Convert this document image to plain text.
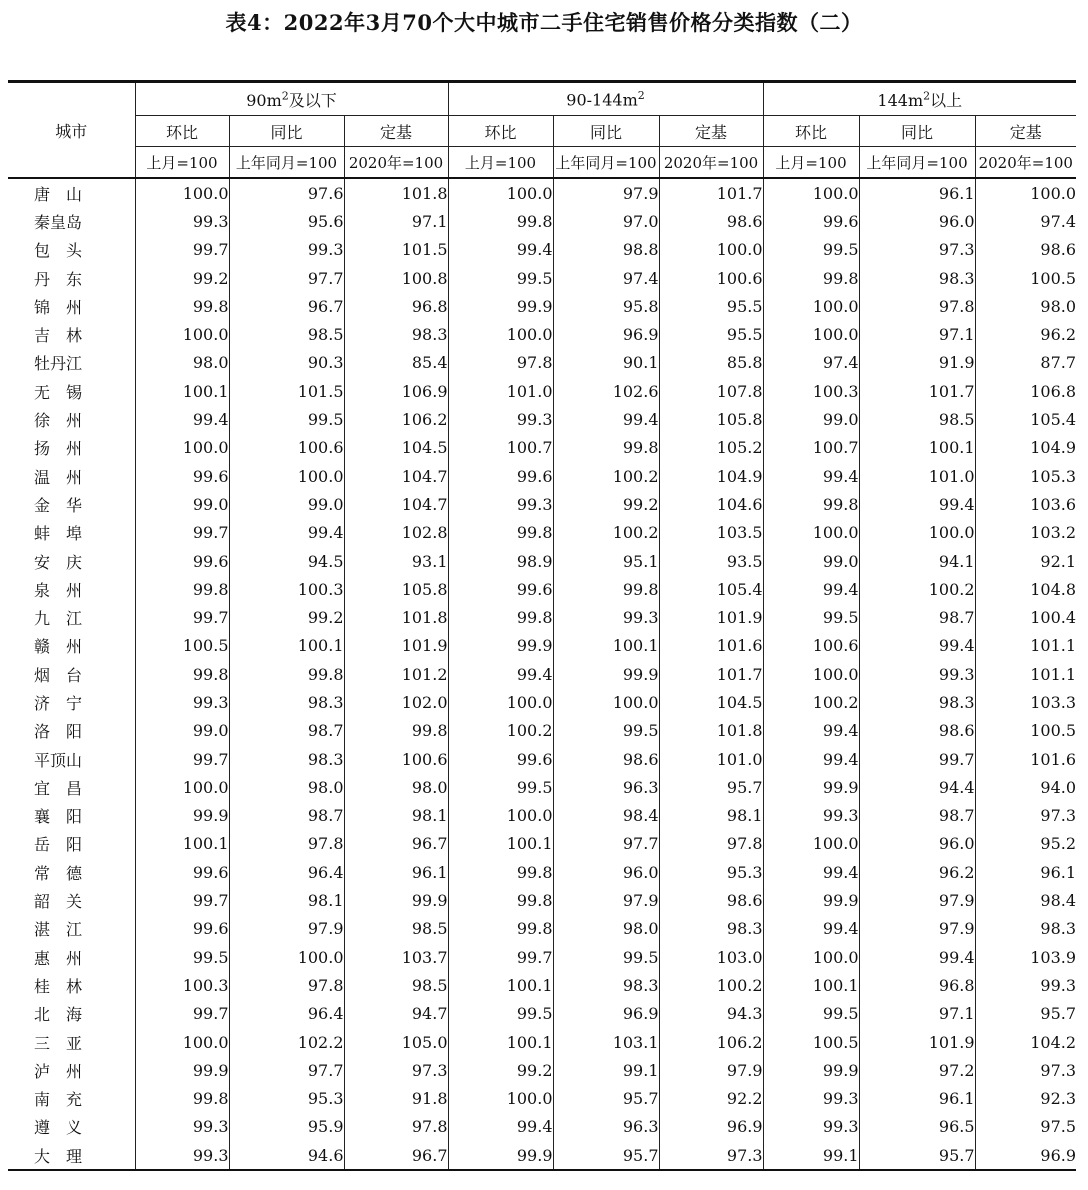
表4：2022年3月70个大中城市二手住宅销售价格分类指数（二）
城市	$90m^2$及以下			$90-144m^2$			$144m^2$以上		
	环比	同比	定基	环比	同比	定基	环比	同比	定基
	上月=100	上年同月=100	2020年=100	上月=100	上年同月=100	2020年=100	上月=100	上年同月=100	2020年=100
唐　山	100.0	97.6	101.8	100.0	97.9	101.7	100.0	96.1	100.0
秦皇岛	99.3	95.6	97.1	99.8	97.0	98.6	99.6	96.0	97.4
包　头	99.7	99.3	101.5	99.4	98.8	100.0	99.5	97.3	98.6
丹　东	99.2	97.7	100.8	99.5	97.4	100.6	99.8	98.3	100.5
锦　州	99.8	96.7	96.8	99.9	95.8	95.5	100.0	97.8	98.0
吉　林	100.0	98.5	98.3	100.0	96.9	95.5	100.0	97.1	96.2
牡丹江	98.0	90.3	85.4	97.8	90.1	85.8	97.4	91.9	87.7
无　锡	100.1	101.5	106.9	101.0	102.6	107.8	100.3	101.7	106.8
徐　州	99.4	99.5	106.2	99.3	99.4	105.8	99.0	98.5	105.4
扬　州	100.0	100.6	104.5	100.7	99.8	105.2	100.7	100.1	104.9
温　州	99.6	100.0	104.7	99.6	100.2	104.9	99.4	101.0	105.3
金　华	99.0	99.0	104.7	99.3	99.2	104.6	99.8	99.4	103.6
蚌　埠	99.7	99.4	102.8	99.8	100.2	103.5	100.0	100.0	103.2
安　庆	99.6	94.5	93.1	98.9	95.1	93.5	99.0	94.1	92.1
泉　州	99.8	100.3	105.8	99.6	99.8	105.4	99.4	100.2	104.8
九　江	99.7	99.2	101.8	99.8	99.3	101.9	99.5	98.7	100.4
赣　州	100.5	100.1	101.9	99.9	100.1	101.6	100.6	99.4	101.1
烟　台	99.8	99.8	101.2	99.4	99.9	101.7	100.0	99.3	101.1
济　宁	99.3	98.3	102.0	100.0	100.0	104.5	100.2	98.3	103.3
洛　阳	99.0	98.7	99.8	100.2	99.5	101.8	99.4	98.6	100.5
平顶山	99.7	98.3	100.6	99.6	98.6	101.0	99.4	99.7	101.6
宜　昌	100.0	98.0	98.0	99.5	96.3	95.7	99.9	94.4	94.0
襄　阳	99.9	98.7	98.1	100.0	98.4	98.1	99.3	98.7	97.3
岳　阳	100.1	97.8	96.7	100.1	97.7	97.8	100.0	96.0	95.2
常　德	99.6	96.4	96.1	99.8	96.0	95.3	99.4	96.2	96.1
韶　关	99.7	98.1	99.9	99.8	97.9	98.6	99.9	97.9	98.4
湛　江	99.6	97.9	98.5	99.8	98.0	98.3	99.4	97.9	98.3
惠　州	99.5	100.0	103.7	99.7	99.5	103.0	100.0	99.4	103.9
桂　林	100.3	97.8	98.5	100.1	98.3	100.2	100.1	96.8	99.3
北　海	99.7	96.4	94.7	99.5	96.9	94.3	99.5	97.1	95.7
三　亚	100.0	102.2	105.0	100.1	103.1	106.2	100.5	101.9	104.2
泸　州	99.9	97.7	97.3	99.2	99.1	97.9	99.9	97.2	97.3
南　充	99.8	95.3	91.8	100.0	95.7	92.2	99.3	96.1	92.3
遵　义	99.3	95.9	97.8	99.4	96.3	96.9	99.3	96.5	97.5
大　理	99.3	94.6	96.7	99.9	95.7	97.3	99.1	95.7	96.9
